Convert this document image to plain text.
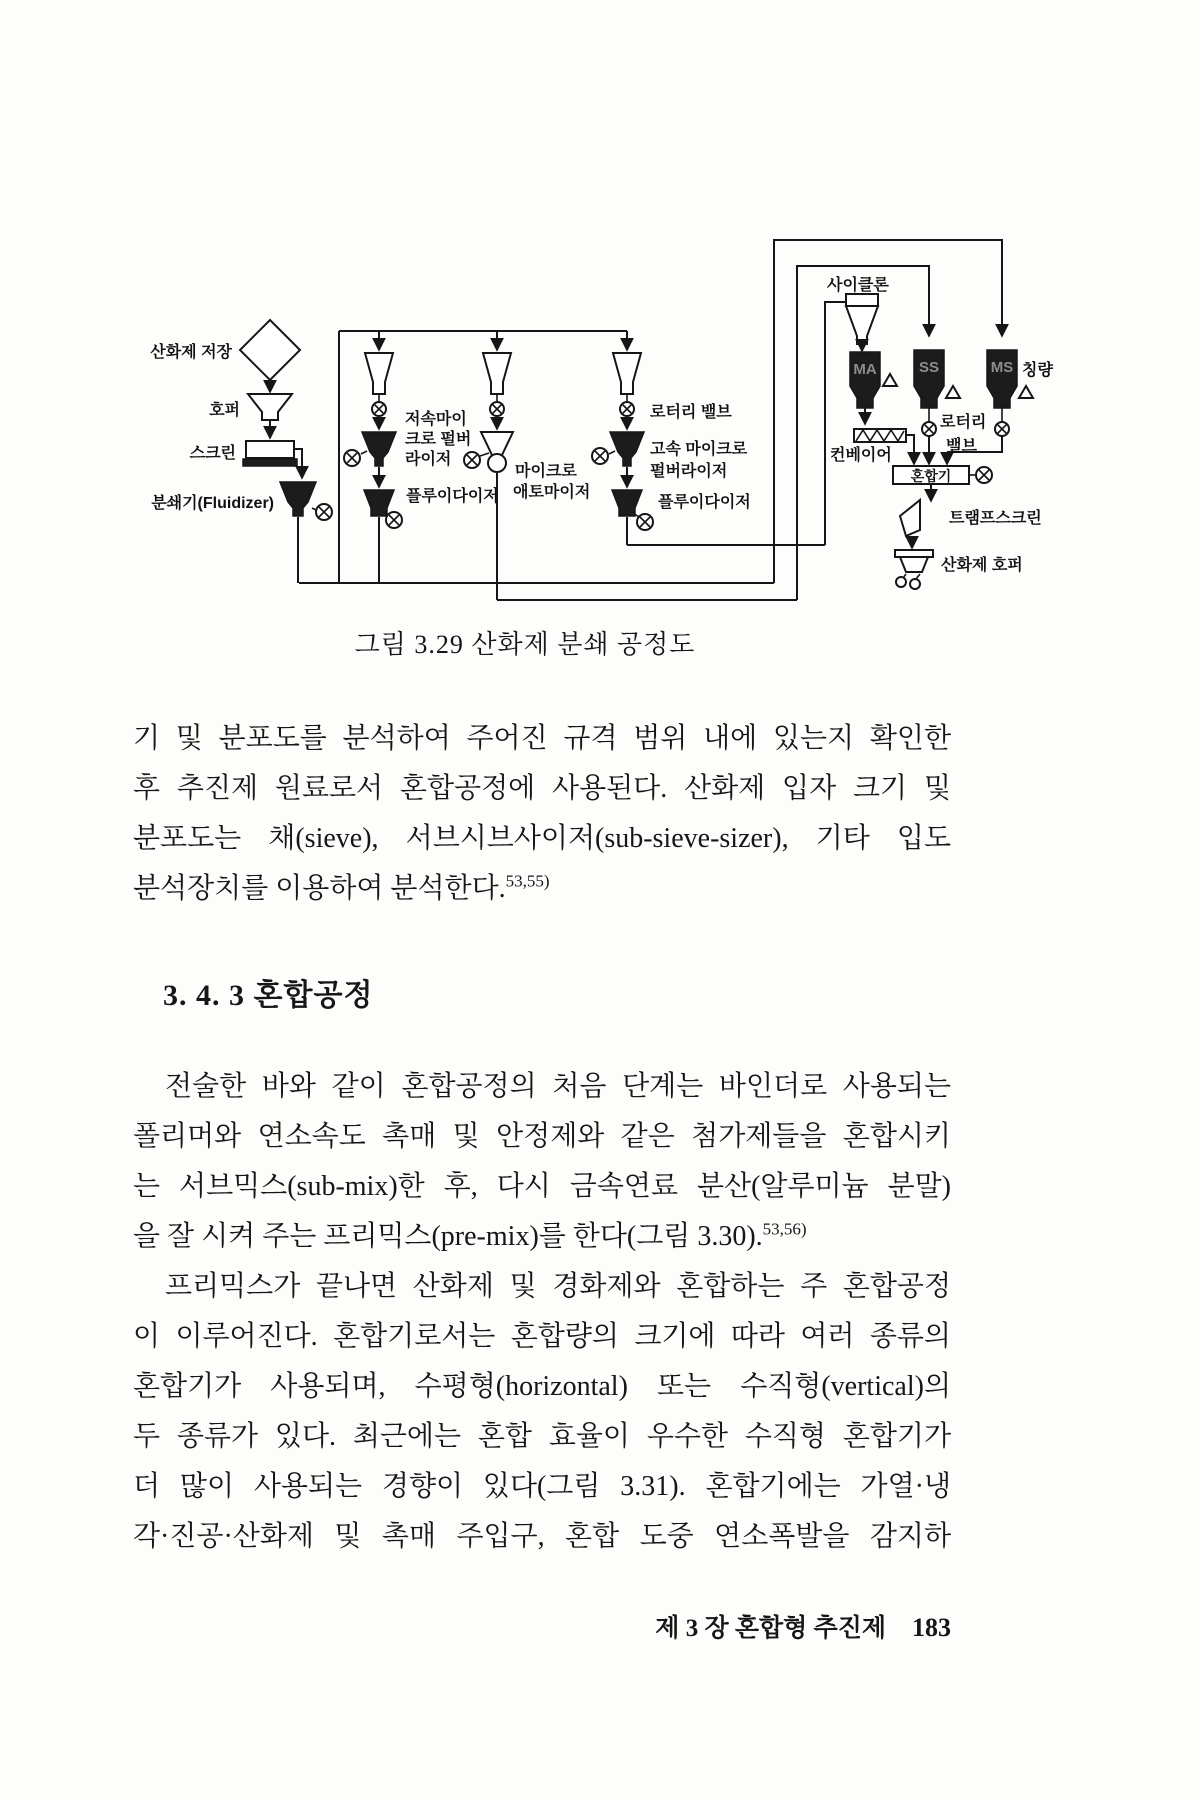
산화제 저장
호퍼
스크린
분쇄기(Fluidizer)
저속마이
크로 펄버
라이저
플루이다이저
마이크로
애토마이저
로터리 밸브
고속 마이크로
펄버라이저
플루이다이저
사이클론
MA	SS	MS 칭량
로터리
밸브
컨베이어
혼합기
트램프스크린
산화제 호퍼
그림 3.29 산화제 분쇄 공정도
기 및 분포도를 분석하여 주어진 규격 범위 내에 있는지 확인한
후 추진제 원료로서 혼합공정에 사용된다. 산화제 입자 크기 및
분포도는 채(sieve), 서브시브사이저(sub-sieve-sizer), 기타 입도
분석장치를 이용하여 분석한다.$^{53,55)}$
3. 4. 3 혼합공정
전술한 바와 같이 혼합공정의 처음 단계는 바인더로 사용되는
폴리머와 연소속도 촉매 및 안정제와 같은 첨가제들을 혼합시키
는 서브믹스(sub-mix)한 후, 다시 금속연료 분산(알루미늄 분말)
을 잘 시켜 주는 프리믹스(pre-mix)를 한다(그림 3.30).$^{53,56)}$
프리믹스가 끝나면 산화제 및 경화제와 혼합하는 주 혼합공정
이 이루어진다. 혼합기로서는 혼합량의 크기에 따라 여러 종류의
혼합기가 사용되며, 수평형(horizontal) 또는 수직형(vertical)의
두 종류가 있다. 최근에는 혼합 효율이 우수한 수직형 혼합기가
더 많이 사용되는 경향이 있다(그림 3.31). 혼합기에는 가열·냉
각·진공·산화제 및 촉매 주입구, 혼합 도중 연소폭발을 감지하
제 3 장 혼합형 추진제 183
